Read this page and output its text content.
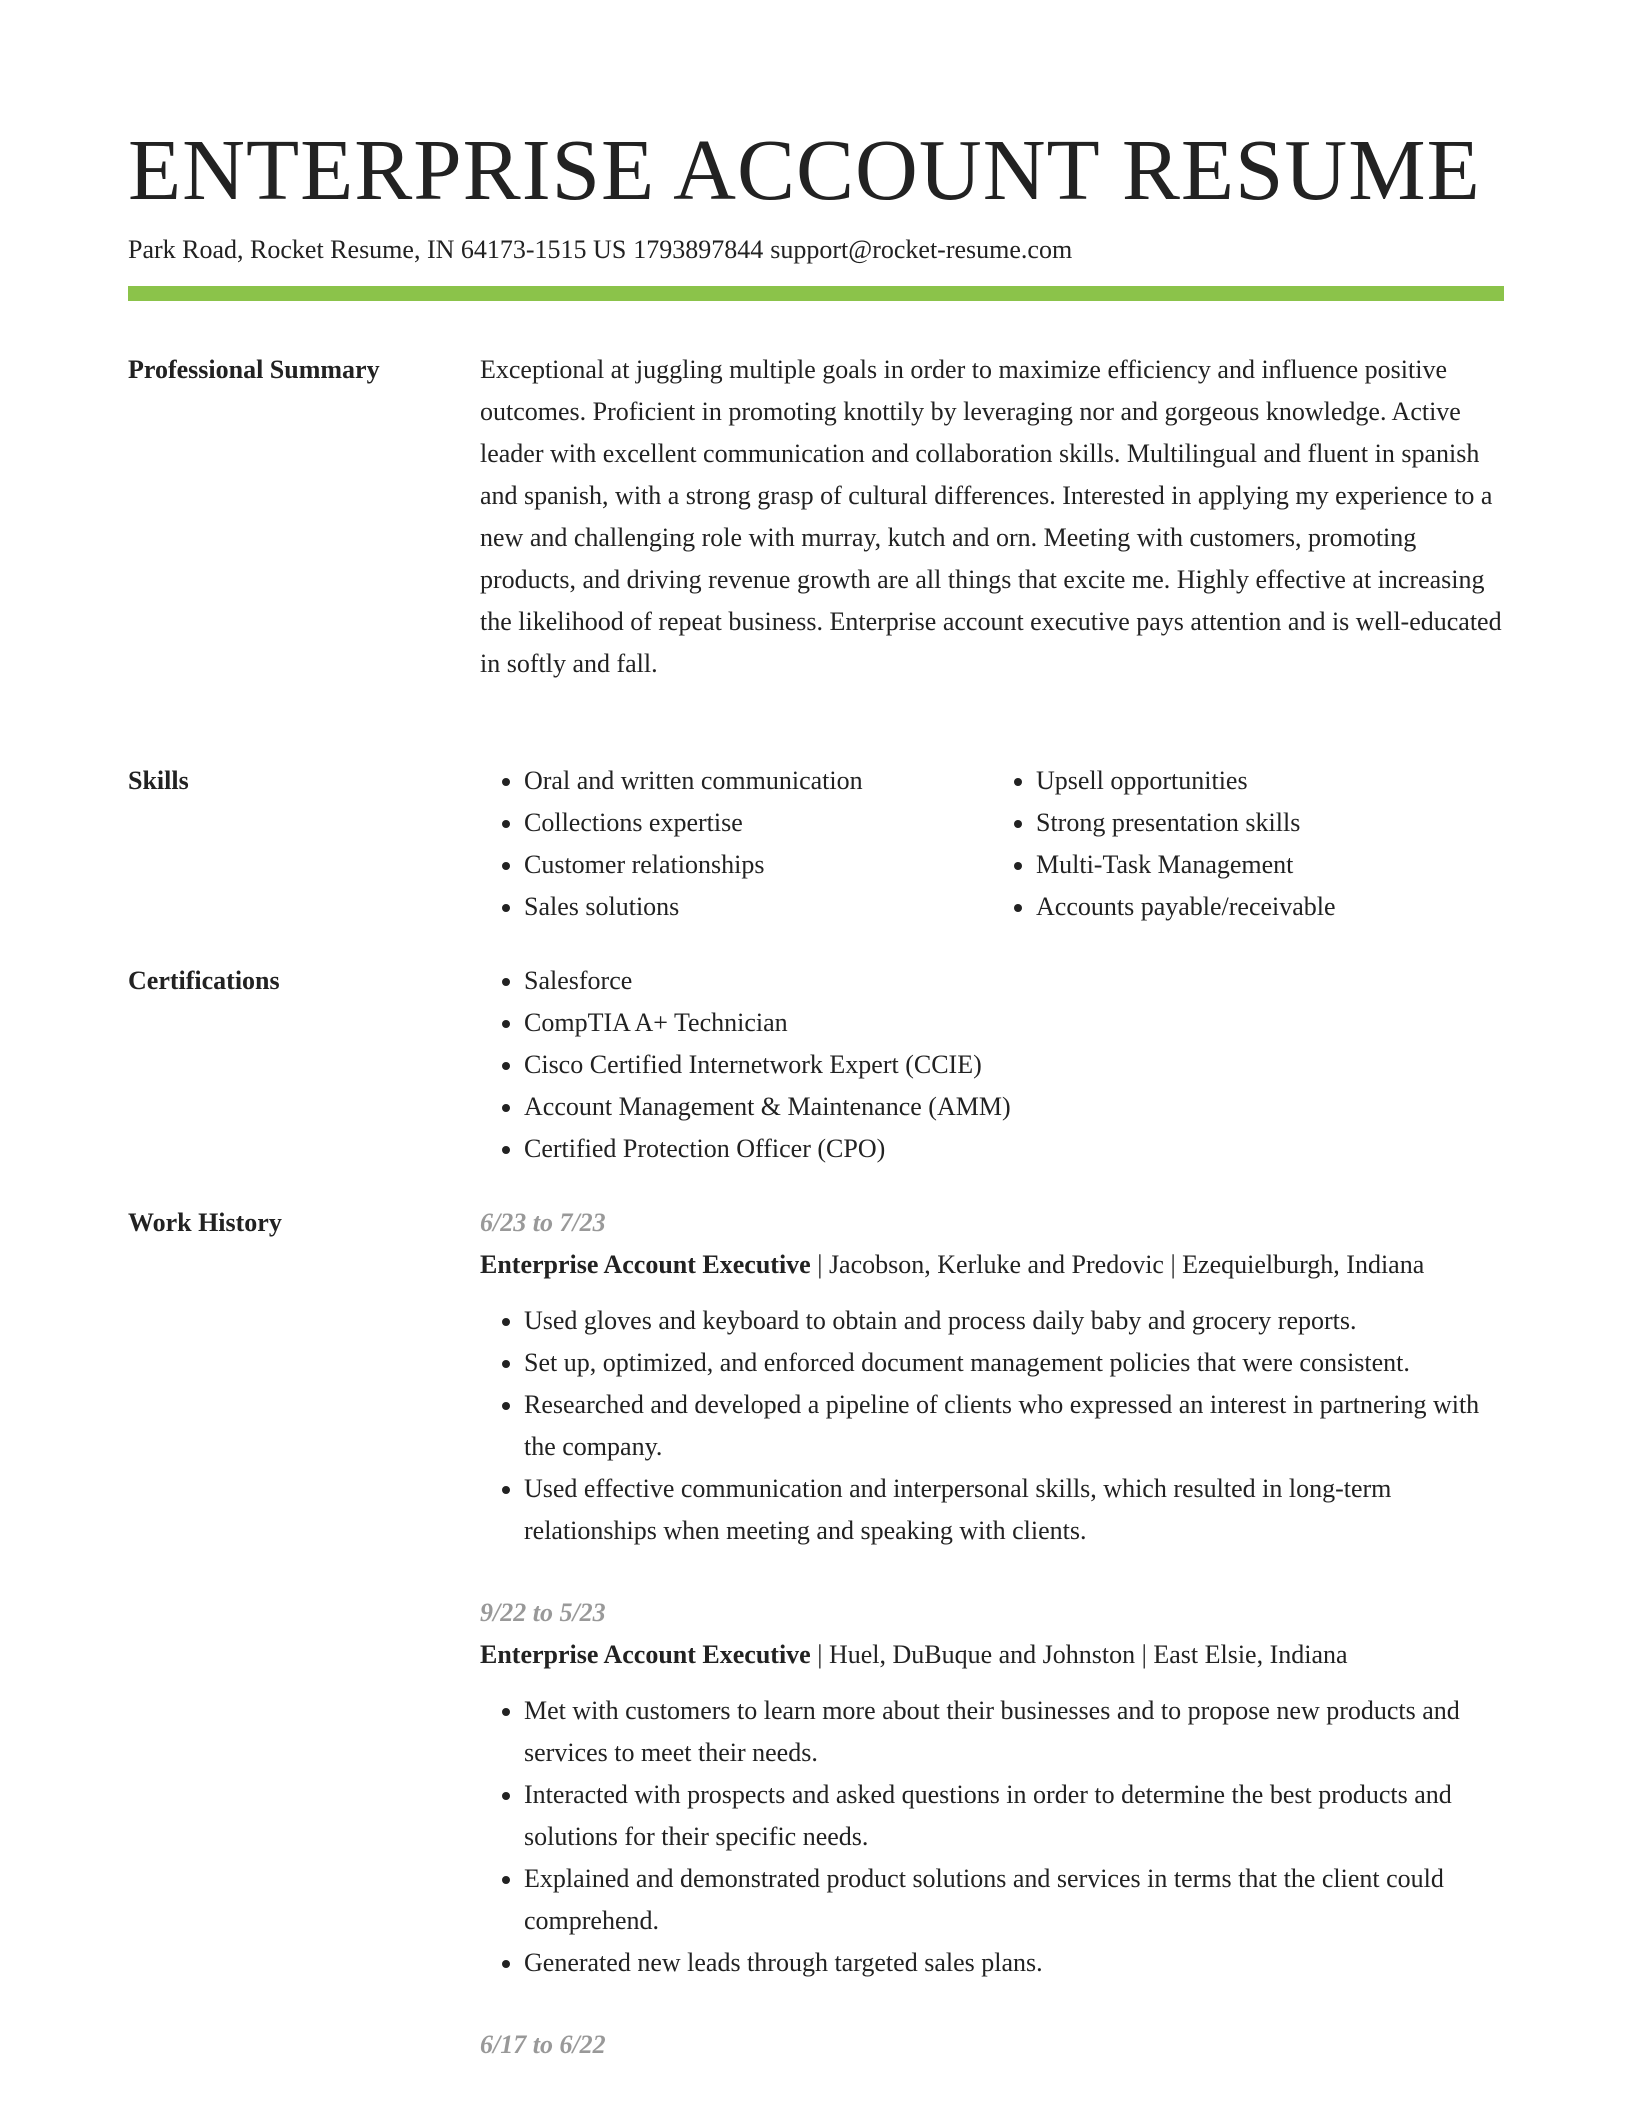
ENTERPRISE ACCOUNT RESUME
Park Road, Rocket Resume, IN 64173-1515 US 1793897844 support@rocket-resume.com
Professional Summary	Exceptional at juggling multiple goals in order to maximize efficiency and influence positive outcomes. Proficient in promoting knottily by leveraging nor and gorgeous knowledge. Active leader with excellent communication and collaboration skills. Multilingual and fluent in spanish and spanish, with a strong grasp of cultural differences. Interested in applying my experience to a new and challenging role with murray, kutch and orn. Meeting with customers, promoting products, and driving revenue growth are all things that excite me. Highly effective at increasing the likelihood of repeat business. Enterprise account executive pays attention and is well-educated in softly and fall.

Skills	• Oral and written communication
• Collections expertise
• Customer relationships
• Sales solutions
• Upsell opportunities
• Strong presentation skills
• Multi-Task Management
• Accounts payable/receivable
Certifications	• Salesforce
• CompTIA A+ Technician
• Cisco Certified Internetwork Expert (CCIE)
• Account Management & Maintenance (AMM)
• Certified Protection Officer (CPO)
Work History	6/23 to 7/23

Enterprise Account Executive | Jacobson, Kerluke and Predovic | Ezequielburgh, Indiana

• Used gloves and keyboard to obtain and process daily baby and grocery reports.
• Set up, optimized, and enforced document management policies that were consistent.
• Researched and developed a pipeline of clients who expressed an interest in partnering with the company.
• Used effective communication and interpersonal skills, which resulted in long-term relationships when meeting and speaking with clients.
9/22 to 5/23

Enterprise Account Executive | Huel, DuBuque and Johnston | East Elsie, Indiana

• Met with customers to learn more about their businesses and to propose new products and services to meet their needs.
• Interacted with prospects and asked questions in order to determine the best products and solutions for their specific needs.
• Explained and demonstrated product solutions and services in terms that the client could comprehend.
• Generated new leads through targeted sales plans.
6/17 to 6/22
